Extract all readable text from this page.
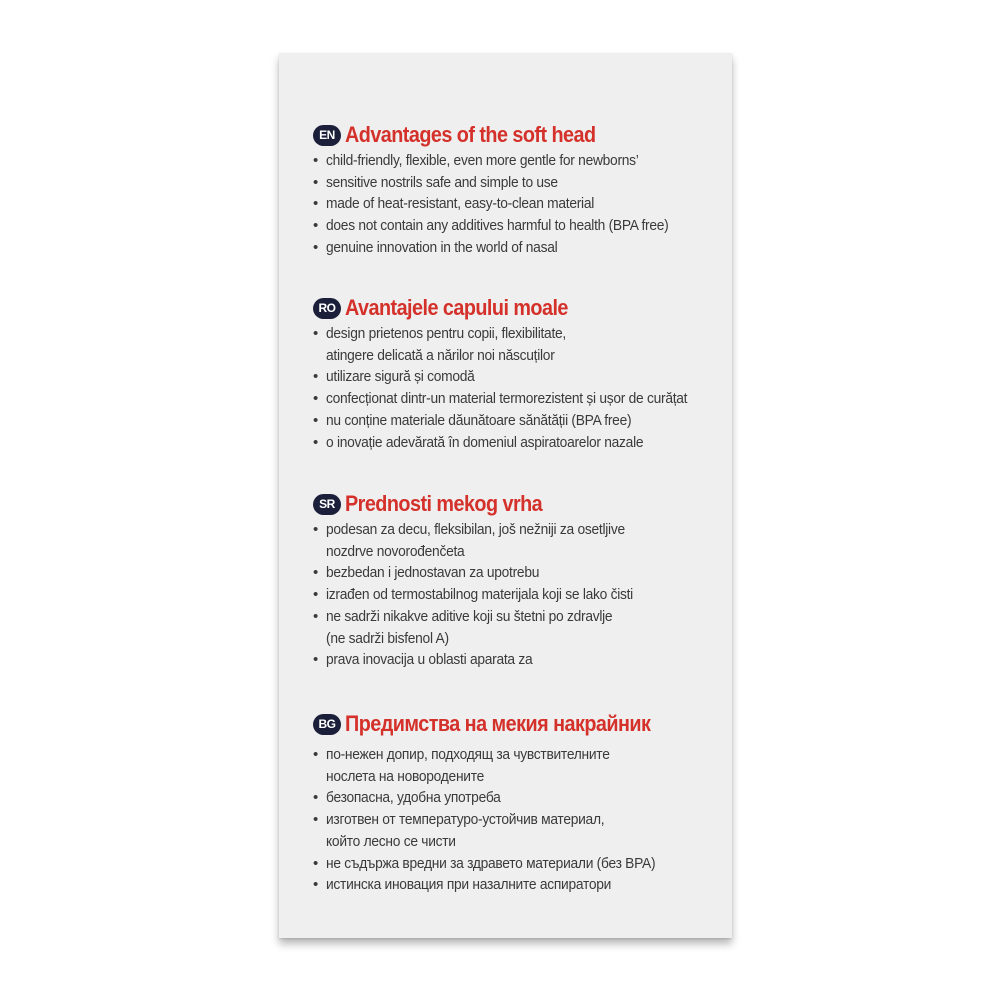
EN Advantages of the soft head
• child-friendly, flexible, even more gentle for newborns’
• sensitive nostrils safe and simple to use
• made of heat-resistant, easy-to-clean material
• does not contain any additives harmful to health (BPA free)
• genuine innovation in the world of nasal
RO Avantajele capului moale
• design prietenos pentru copii, flexibilitate,
atingere delicată a nărilor noi născuților
• utilizare sigură și comodă
• confecționat dintr-un material termorezistent și ușor de curățat
• nu conține materiale dăunătoare sănătății (BPA free)
• o inovație adevărată în domeniul aspiratoarelor nazale
SR Prednosti mekog vrha
• podesan za decu, fleksibilan, još nežniji za osetljive
nozdrve novorođenčeta
• bezbedan i jednostavan za upotrebu
• izrađen od termostabilnog materijala koji se lako čisti
• ne sadrži nikakve aditive koji su štetni po zdravlje
(ne sadrži bisfenol A)
• prava inovacija u oblasti aparata za
BG Предимства на мекия накрайник
• по-нежен допир, подходящ за чувствителните
нослета на новородените
• безопасна, удобна употреба
• изготвен от температуро-устойчив материал,
който лесно се чисти
• не съдържа вредни за здравето материали (без BPA)
• истинска иновация при назалните аспиратори
